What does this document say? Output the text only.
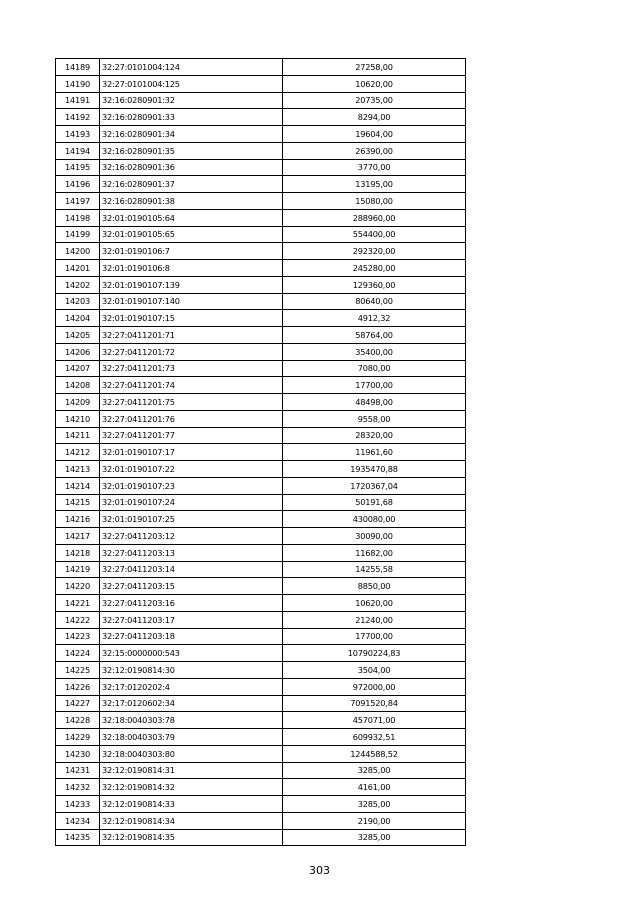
14189	32:27:0101004:124	27258,00
14190	32:27:0101004:125	10620,00
14191	32:16:0280901:32	20735,00
14192	32:16:0280901:33	8294,00
14193	32:16:0280901:34	19604,00
14194	32:16:0280901:35	26390,00
14195	32:16:0280901:36	3770,00
14196	32:16:0280901:37	13195,00
14197	32:16:0280901:38	15080,00
14198	32:01:0190105:64	288960,00
14199	32:01:0190105:65	554400,00
14200	32:01:0190106:7	292320,00
14201	32:01:0190106:8	245280,00
14202	32:01:0190107:139	129360,00
14203	32:01:0190107:140	80640,00
14204	32:01:0190107:15	4912,32
14205	32:27:0411201:71	58764,00
14206	32:27:0411201:72	35400,00
14207	32:27:0411201:73	7080,00
14208	32:27:0411201:74	17700,00
14209	32:27:0411201:75	48498,00
14210	32:27:0411201:76	9558,00
14211	32:27:0411201:77	28320,00
14212	32:01:0190107:17	11961,60
14213	32:01:0190107:22	1935470,88
14214	32:01:0190107:23	1720367,04
14215	32:01:0190107:24	50191,68
14216	32:01:0190107:25	430080,00
14217	32:27:0411203:12	30090,00
14218	32:27:0411203:13	11682,00
14219	32:27:0411203:14	14255,58
14220	32:27:0411203:15	8850,00
14221	32:27:0411203:16	10620,00
14222	32:27:0411203:17	21240,00
14223	32:27:0411203:18	17700,00
14224	32:15:0000000:543	10790224,83
14225	32:12:0190814:30	3504,00
14226	32:17:0120202:4	972000,00
14227	32:17:0120602:34	7091520,84
14228	32:18:0040303:78	457071,00
14229	32:18:0040303:79	609932,51
14230	32:18:0040303:80	1244588,52
14231	32:12:0190814:31	3285,00
14232	32:12:0190814:32	4161,00
14233	32:12:0190814:33	3285,00
14234	32:12:0190814:34	2190,00
14235	32:12:0190814:35	3285,00
303
